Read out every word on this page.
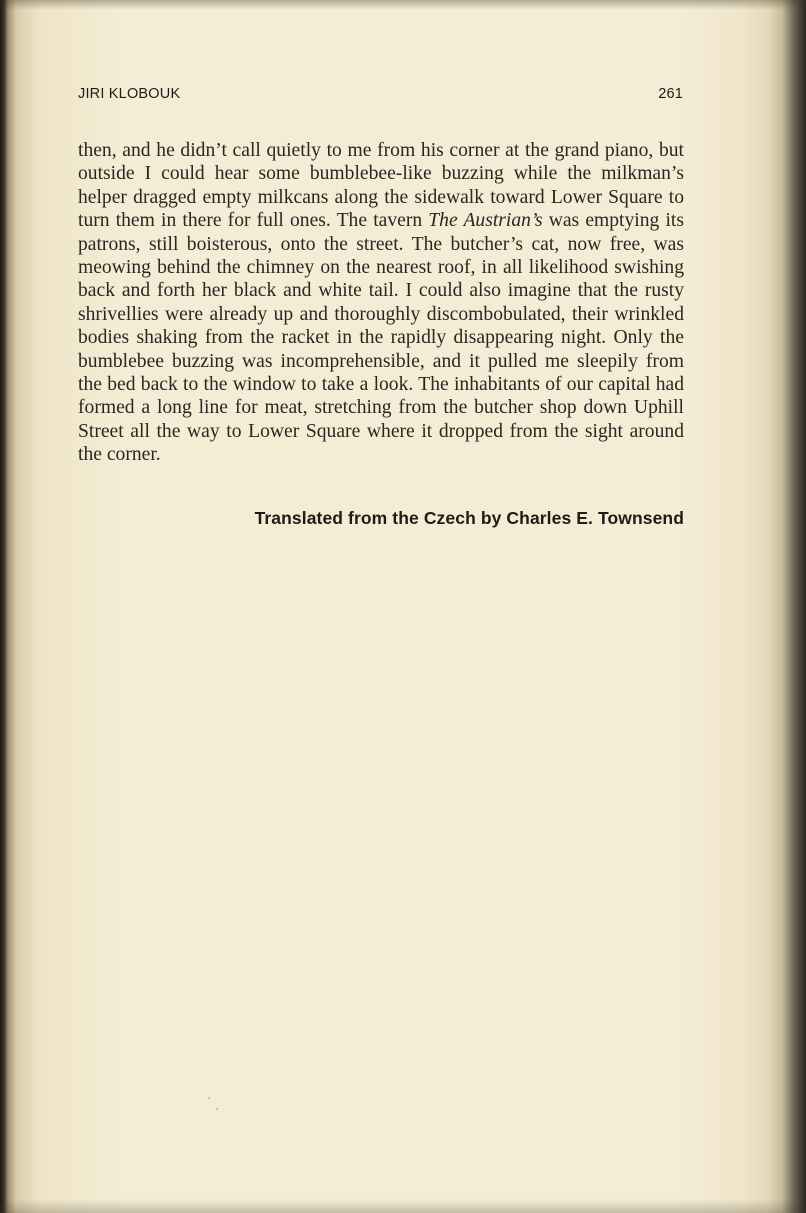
JIRI KLOBOUK	261

then, and he didn’t call quietly to me from his corner at the grand piano, but outside I could hear some bumblebee-like buzzing while the milkman’s helper dragged empty milkcans along the sidewalk toward Lower Square to turn them in there for full ones. The tavern The Austrian’s was emptying its patrons, still boisterous, onto the street. The butcher’s cat, now free, was meowing behind the chimney on the nearest roof, in all likelihood swishing back and forth her black and white tail. I could also imagine that the rusty shrivellies were already up and thoroughly discombobulated, their wrinkled bodies shaking from the racket in the rapidly disappearing night. Only the bumblebee buzzing was incomprehensible, and it pulled me sleepily from the bed back to the window to take a look. The inhabitants of our capital had formed a long line for meat, stretching from the butcher shop down Uphill Street all the way to Lower Square where it dropped from the sight around the corner.

Translated from the Czech by Charles E. Townsend
